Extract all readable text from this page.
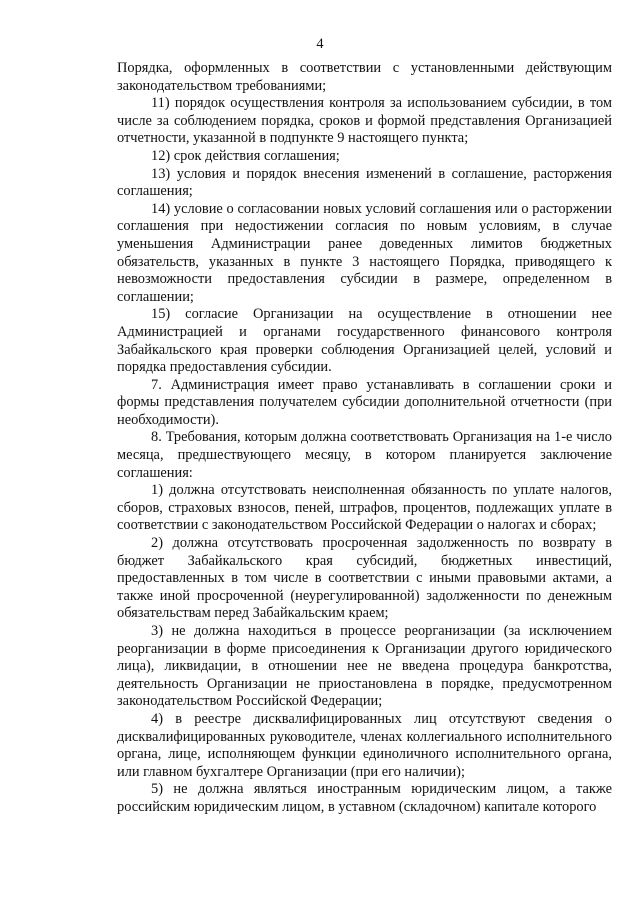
4

Порядка, оформленных в соответствии с установленными действующим законодательством требованиями;

11) порядок осуществления контроля за использованием субсидии, в том числе за соблюдением порядка, сроков и формой представления Организацией отчетности, указанной в подпункте 9 настоящего пункта;

12) срок действия соглашения;

13) условия и порядок внесения изменений в соглашение, расторжения соглашения;

14) условие о согласовании новых условий соглашения или о расторжении соглашения при недостижении согласия по новым условиям, в случае уменьшения Администрации ранее доведенных лимитов бюджетных обязательств, указанных в пункте 3 настоящего Порядка, приводящего к невозможности предоставления субсидии в размере, определенном в соглашении;

15) согласие Организации на осуществление в отношении нее Администрацией и органами государственного финансового контроля Забайкальского края проверки соблюдения Организацией целей, условий и порядка предоставления субсидии.

7. Администрация имеет право устанавливать в соглашении сроки и формы представления получателем субсидии дополнительной отчетности (при необходимости).

8. Требования, которым должна соответствовать Организация на 1-е число месяца, предшествующего месяцу, в котором планируется заключение соглашения:

1) должна отсутствовать неисполненная обязанность по уплате налогов, сборов, страховых взносов, пеней, штрафов, процентов, подлежащих уплате в соответствии с законодательством Российской Федерации о налогах и сборах;

2) должна отсутствовать просроченная задолженность по возврату в бюджет Забайкальского края субсидий, бюджетных инвестиций, предоставленных в том числе в соответствии с иными правовыми актами, а также иной просроченной (неурегулированной) задолженности по денежным обязательствам перед Забайкальским краем;

3) не должна находиться в процессе реорганизации (за исключением реорганизации в форме присоединения к Организации другого юридического лица), ликвидации, в отношении нее не введена процедура банкротства, деятельность Организации не приостановлена в порядке, предусмотренном законодательством Российской Федерации;

4) в реестре дисквалифицированных лиц отсутствуют сведения о дисквалифицированных руководителе, членах коллегиального исполнительного органа, лице, исполняющем функции единоличного исполнительного органа, или главном бухгалтере Организации (при его наличии);

5) не должна являться иностранным юридическим лицом, а также российским юридическим лицом, в уставном (складочном) капитале которого
